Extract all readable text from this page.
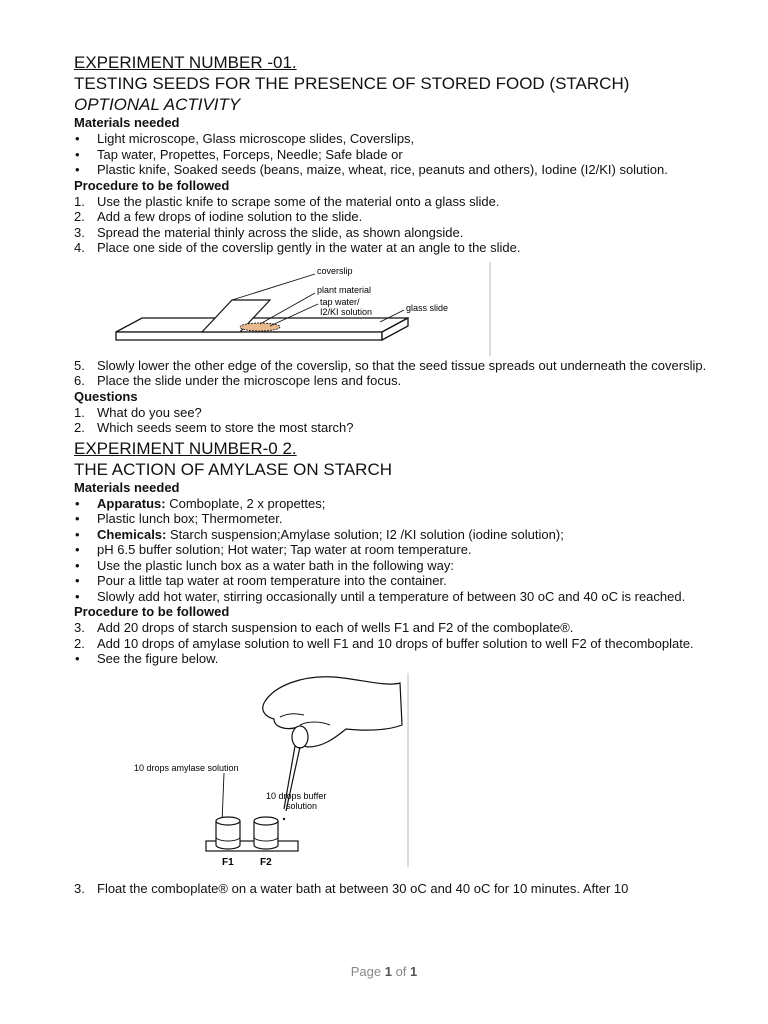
EXPERIMENT NUMBER -01.
TESTING SEEDS FOR THE PRESENCE OF STORED FOOD (STARCH)
OPTIONAL ACTIVITY
Materials needed
• Light microscope, Glass microscope slides, Coverslips,
• Tap water, Propettes, Forceps, Needle; Safe blade or
• Plastic knife, Soaked seeds (beans, maize, wheat, rice, peanuts and others), Iodine (I2/KI) solution.
Procedure to be followed
1. Use the plastic knife to scrape some of the material onto a glass slide.
2. Add a few drops of iodine solution to the slide.
3. Spread the material thinly across the slide, as shown alongside.
4. Place one side of the coverslip gently in the water at an angle to the slide.
coverslip
plant material
tap water/
I2/KI solution	glass slide
5. Slowly lower the other edge of the coverslip, so that the seed tissue spreads out underneath the coverslip.
6. Place the slide under the microscope lens and focus.
Questions
1. What do you see?
2. Which seeds seem to store the most starch?
EXPERIMENT NUMBER-0 2.
THE ACTION OF AMYLASE ON STARCH
Materials needed
• Apparatus: Comboplate, 2 x propettes;
• Plastic lunch box; Thermometer.
• Chemicals: Starch suspension;Amylase solution; I2 /KI solution (iodine solution);
• pH 6.5 buffer solution; Hot water; Tap water at room temperature.
• Use the plastic lunch box as a water bath in the following way:
• Pour a little tap water at room temperature into the container.
• Slowly add hot water, stirring occasionally until a temperature of between 30 oC and 40 oC is reached.
Procedure to be followed
3. Add 20 drops of starch suspension to each of wells F1 and F2 of the comboplate®.
2. Add 10 drops of amylase solution to well F1 and 10 drops of buffer solution to well F2 of thecomboplate.
• See the figure below.
10 drops amylase solution
10 drops buffer
solution
F1	F2
3. Float the comboplate® on a water bath at between 30 oC and 40 oC for 10 minutes. After 10
Page 1 of 1
